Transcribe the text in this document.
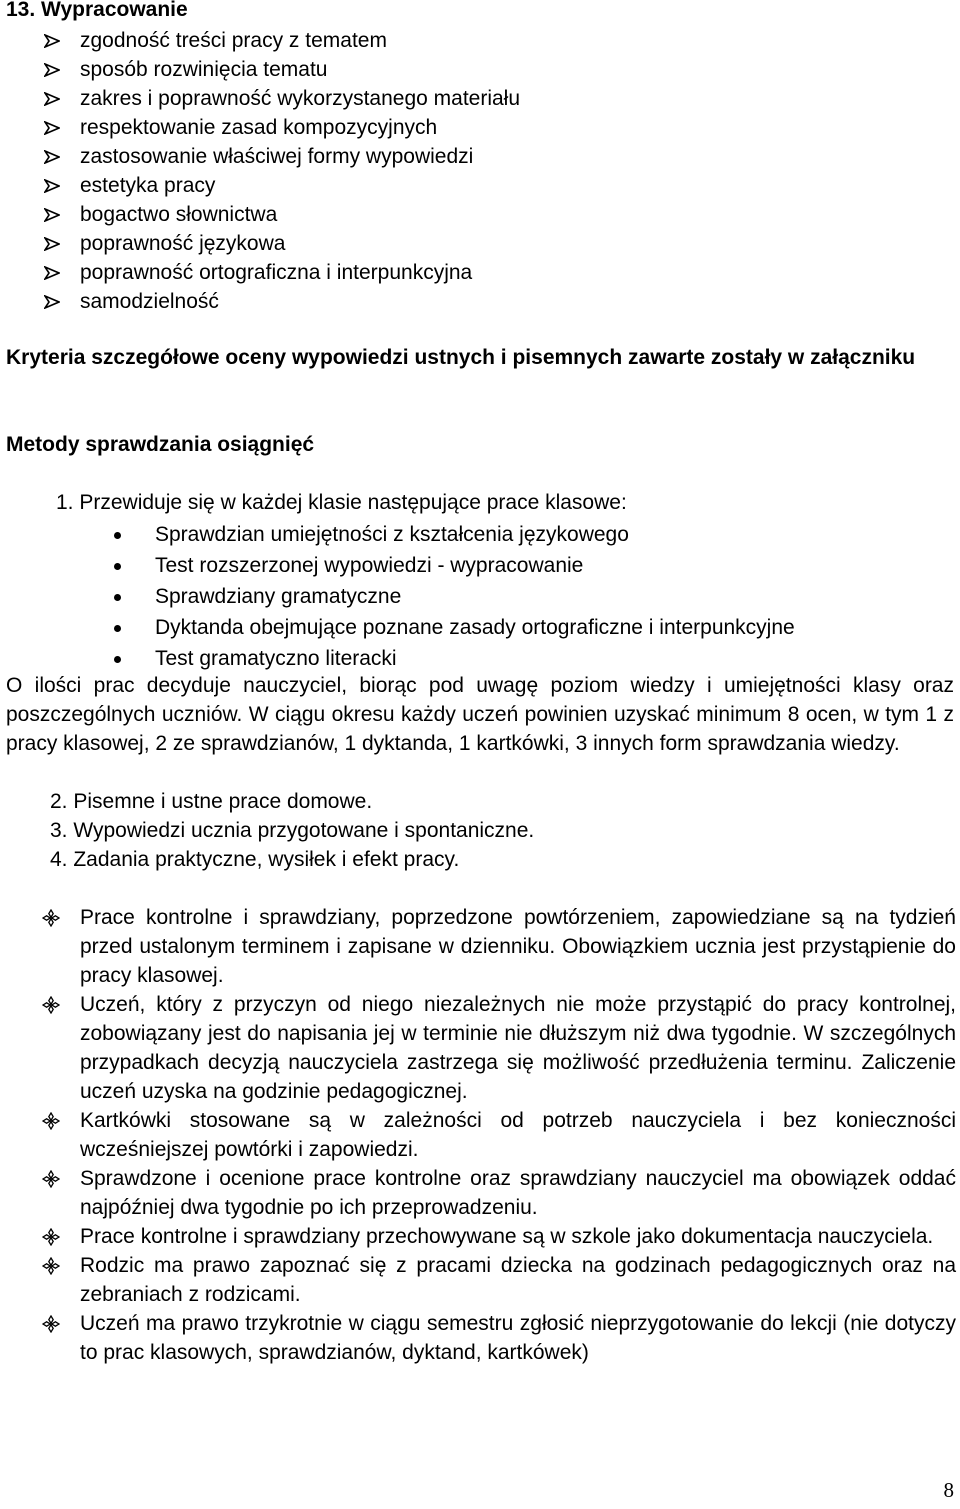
13. Wypracowanie
zgodność treści pracy z tematem
sposób rozwinięcia tematu
zakres i poprawność wykorzystanego materiału
respektowanie zasad kompozycyjnych
zastosowanie właściwej formy wypowiedzi
estetyka pracy
bogactwo słownictwa
poprawność językowa
poprawność ortograficzna i interpunkcyjna
samodzielność

Kryteria szczegółowe oceny wypowiedzi ustnych i pisemnych zawarte zostały w załączniku

Metody sprawdzania osiągnięć

1. Przewiduje się w każdej klasie następujące prace klasowe:

Sprawdzian umiejętności z kształcenia językowego
Test rozszerzonej wypowiedzi - wypracowanie
Sprawdziany gramatyczne
Dyktanda obejmujące poznane zasady ortograficzne i interpunkcyjne
Test gramatyczno literacki

O ilości prac decyduje nauczyciel, biorąc pod uwagę poziom wiedzy i umiejętności klasy oraz poszczególnych uczniów. W ciągu okresu każdy uczeń powinien uzyskać minimum 8 ocen, w tym 1 z pracy klasowej, 2 ze sprawdzianów, 1 dyktanda, 1 kartkówki, 3 innych form sprawdzania wiedzy.

2. Pisemne i ustne prace domowe.

3. Wypowiedzi ucznia przygotowane i spontaniczne.

4. Zadania praktyczne, wysiłek i efekt pracy.

Prace kontrolne i sprawdziany, poprzedzone powtórzeniem, zapowiedziane są na tydzień przed ustalonym terminem i zapisane w dzienniku. Obowiązkiem ucznia jest przystąpienie do pracy klasowej.
Uczeń, który z przyczyn od niego niezależnych nie może przystąpić do pracy kontrolnej, zobowiązany jest do napisania jej w terminie nie dłuższym niż dwa tygodnie. W szczególnych przypadkach decyzją nauczyciela zastrzega się możliwość przedłużenia terminu. Zaliczenie uczeń uzyska na godzinie pedagogicznej.
Kartkówki stosowane są w zależności od potrzeb nauczyciela i bez konieczności wcześniejszej powtórki i zapowiedzi.
Sprawdzone i ocenione prace kontrolne oraz sprawdziany nauczyciel ma obowiązek oddać najpóźniej dwa tygodnie po ich przeprowadzeniu.
Prace kontrolne i sprawdziany przechowywane są w szkole jako dokumentacja nauczyciela.
Rodzic ma prawo zapoznać się z pracami dziecka na godzinach pedagogicznych oraz na zebraniach z rodzicami.
Uczeń ma prawo trzykrotnie w ciągu semestru zgłosić nieprzygotowanie do lekcji (nie dotyczy to prac klasowych, sprawdzianów, dyktand, kartkówek)

8
